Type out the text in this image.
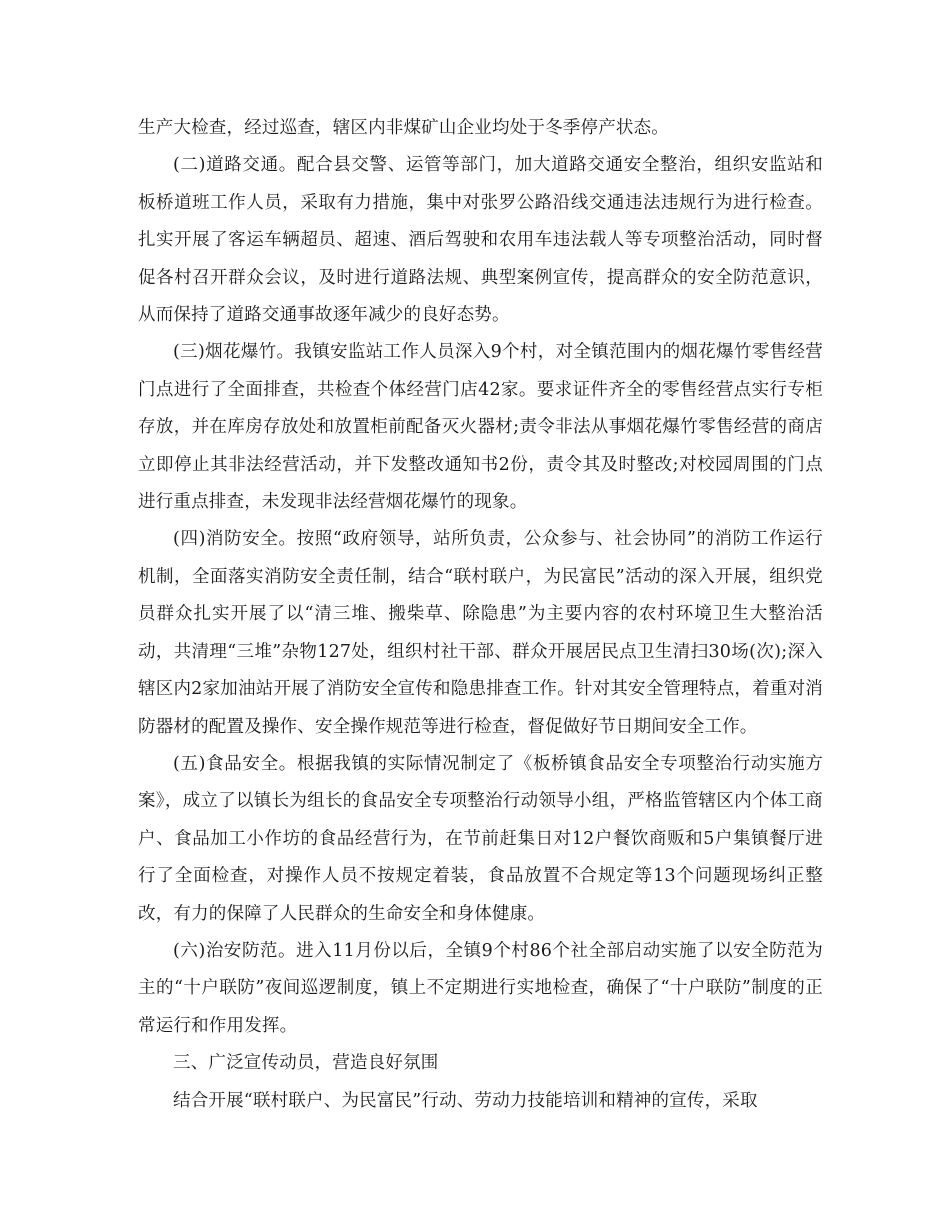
生产大检查，经过巡查，辖区内非煤矿山企业均处于冬季停产状态。

(二)道路交通。配合县交警、运管等部门，加大道路交通安全整治，组织安监站和板桥道班工作人员，采取有力措施，集中对张罗公路沿线交通违法违规行为进行检查。扎实开展了客运车辆超员、超速、酒后驾驶和农用车违法载人等专项整治活动，同时督促各村召开群众会议，及时进行道路法规、典型案例宣传，提高群众的安全防范意识，从而保持了道路交通事故逐年减少的良好态势。

(三)烟花爆竹。我镇安监站工作人员深入9个村，对全镇范围内的烟花爆竹零售经营门点进行了全面排查，共检查个体经营门店42家。要求证件齐全的零售经营点实行专柜存放，并在库房存放处和放置柜前配备灭火器材;责令非法从事烟花爆竹零售经营的商店立即停止其非法经营活动，并下发整改通知书2份，责令其及时整改;对校园周围的门点进行重点排查，未发现非法经营烟花爆竹的现象。

(四)消防安全。按照“政府领导，站所负责，公众参与、社会协同”的消防工作运行机制，全面落实消防安全责任制，结合“联村联户，为民富民”活动的深入开展，组织党员群众扎实开展了以“清三堆、搬柴草、除隐患”为主要内容的农村环境卫生大整治活动，共清理“三堆”杂物127处，组织村社干部、群众开展居民点卫生清扫30场(次);深入辖区内2家加油站开展了消防安全宣传和隐患排查工作。针对其安全管理特点，着重对消防器材的配置及操作、安全操作规范等进行检查，督促做好节日期间安全工作。

(五)食品安全。根据我镇的实际情况制定了《板桥镇食品安全专项整治行动实施方案》，成立了以镇长为组长的食品安全专项整治行动领导小组，严格监管辖区内个体工商户、食品加工小作坊的食品经营行为，在节前赶集日对12户餐饮商贩和5户集镇餐厅进行了全面检查，对操作人员不按规定着装，食品放置不合规定等13个问题现场纠正整改，有力的保障了人民群众的生命安全和身体健康。

(六)治安防范。进入11月份以后，全镇9个村86个社全部启动实施了以安全防范为主的“十户联防”夜间巡逻制度，镇上不定期进行实地检查，确保了“十户联防”制度的正常运行和作用发挥。

三、广泛宣传动员，营造良好氛围

结合开展“联村联户、为民富民”行动、劳动力技能培训和精神的宣传，采取
